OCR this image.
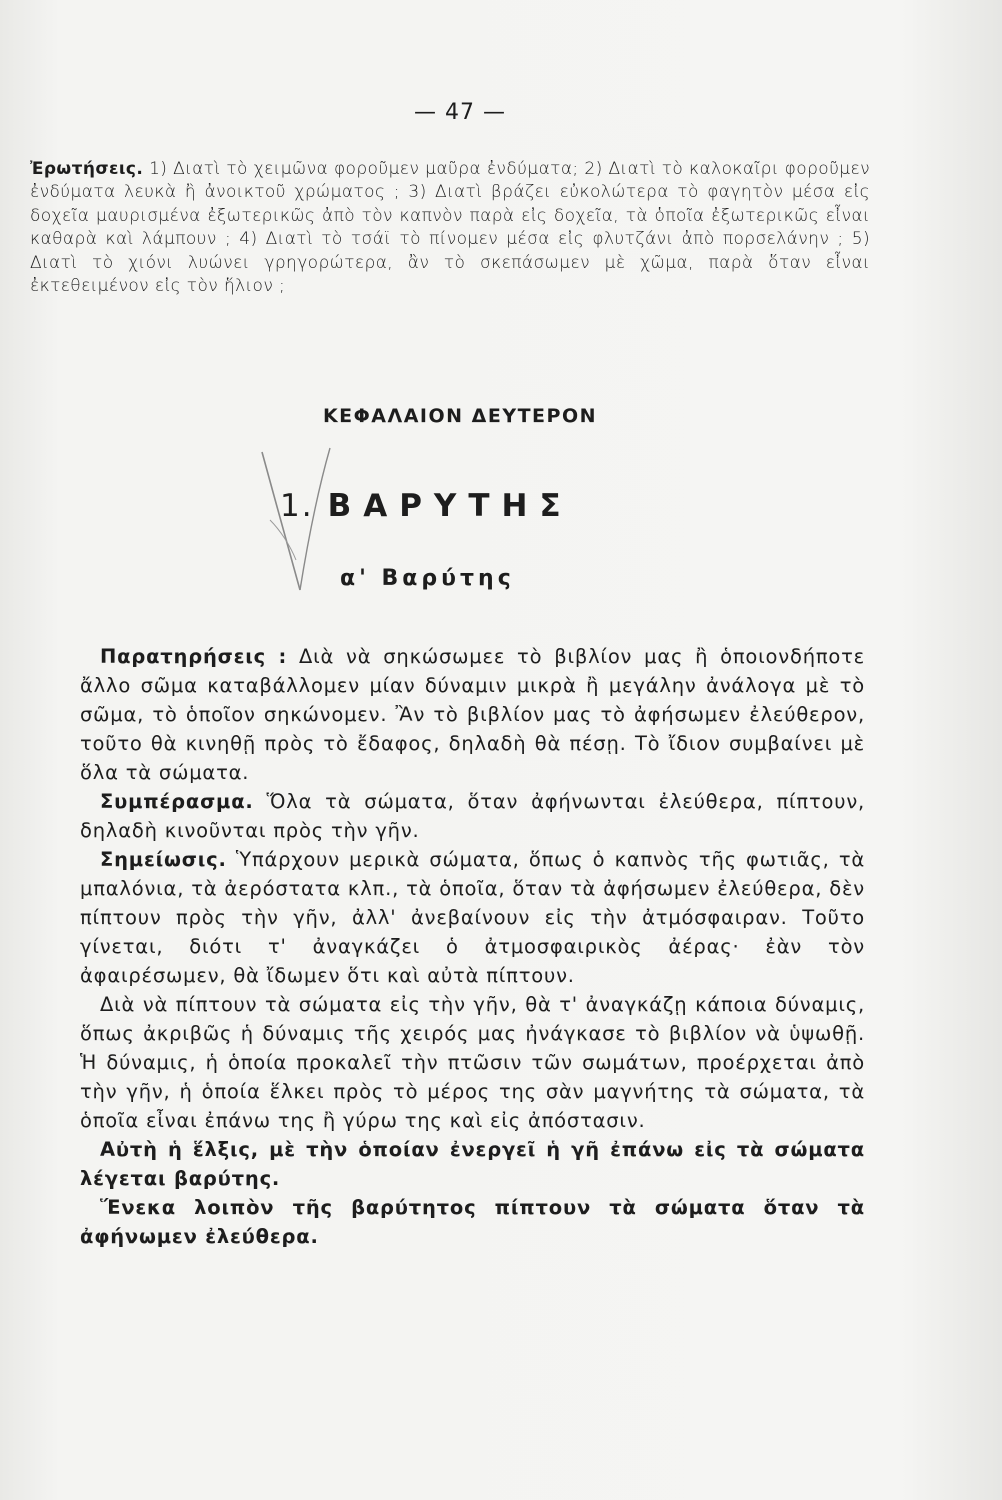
— 47 —
Ἐρωτήσεις. 1) Διατὶ τὸ χειμῶνα φοροῦμεν μαῦρα ἐνδύματα; 2) Διατὶ τὸ καλοκαῖρι φοροῦμεν ἐνδύματα λευκὰ ἢ ἀνοικτοῦ χρώματος ; 3) Διατὶ βράζει εὐκολώτερα τὸ φαγητὸν μέσα εἰς δοχεῖα μαυρισμένα ἐξωτερικῶς ἀπὸ τὸν καπνὸν παρὰ εἰς δοχεῖα, τὰ ὁποῖα ἐξωτερικῶς εἶναι καθαρὰ καὶ λάμπουν ; 4) Διατὶ τὸ τσάϊ τὸ πίνομεν μέσα εἰς φλυτζάνι ἀπὸ πορσελάνην ; 5) Διατὶ τὸ χιόνι λυώνει γρηγορώτερα, ἂν τὸ σκεπάσωμεν μὲ χῶμα, παρὰ ὅταν εἶναι ἐκτεθειμένον εἰς τὸν ἥλιον ;
ΚΕΦΑΛΑΙΟΝ ΔΕΥΤΕΡΟΝ
1. ΒΑΡΥΤΗΣ
α' Βαρύτης

Παρατηρήσεις : Διὰ νὰ σηκώσωμεε τὸ βιβλίον μας ἢ ὁποιονδήποτε ἄλλο σῶμα καταβάλλομεν μίαν δύναμιν μικρὰ ἢ μεγάλην ἀνάλογα μὲ τὸ σῶμα, τὸ ὁποῖον σηκώνομεν. Ἂν τὸ βιβλίον μας τὸ ἀφήσωμεν ἐλεύθερον, τοῦτο θὰ κινηθῇ πρὸς τὸ ἔδαφος, δηλαδὴ θὰ πέσῃ. Τὸ ἴδιον συμβαίνει μὲ ὅλα τὰ σώματα.

Συμπέρασμα. Ὅλα τὰ σώματα, ὅταν ἀφήνωνται ἐλεύθερα, πίπτουν, δηλαδὴ κινοῦνται πρὸς τὴν γῆν.

Σημείωσις. Ὑπάρχουν μερικὰ σώματα, ὅπως ὁ καπνὸς τῆς φωτιᾶς, τὰ μπαλόνια, τὰ ἀερόστατα κλπ., τὰ ὁποῖα, ὅταν τὰ ἀφήσωμεν ἐλεύθερα, δὲν πίπτουν πρὸς τὴν γῆν, ἀλλ' ἀνεβαίνουν εἰς τὴν ἀτμόσφαιραν. Τοῦτο γίνεται, διότι τ' ἀναγκάζει ὁ ἀτμοσφαιρικὸς ἀέρας· ἐὰν τὸν ἀφαιρέσωμεν, θὰ ἴδωμεν ὅτι καὶ αὐτὰ πίπτουν.

Διὰ νὰ πίπτουν τὰ σώματα εἰς τὴν γῆν, θὰ τ' ἀναγκάζῃ κάποια δύναμις, ὅπως ἀκριβῶς ἡ δύναμις τῆς χειρός μας ἠνάγκασε τὸ βιβλίον νὰ ὑψωθῇ. Ἡ δύναμις, ἡ ὁποία προκαλεῖ τὴν πτῶσιν τῶν σωμάτων, προέρχεται ἀπὸ τὴν γῆν, ἡ ὁποία ἕλκει πρὸς τὸ μέρος της σὰν μαγνήτης τὰ σώματα, τὰ ὁποῖα εἶναι ἐπάνω της ἢ γύρω της καὶ εἰς ἀπόστασιν.

Αὐτὴ ἡ ἕλξις, μὲ τὴν ὁποίαν ἐνεργεῖ ἡ γῆ ἐπάνω εἰς τὰ σώματα λέγεται βαρύτης.

Ἕνεκα λοιπὸν τῆς βαρύτητος πίπτουν τὰ σώματα ὅταν τὰ ἀφήνωμεν ἐλεύθερα.
